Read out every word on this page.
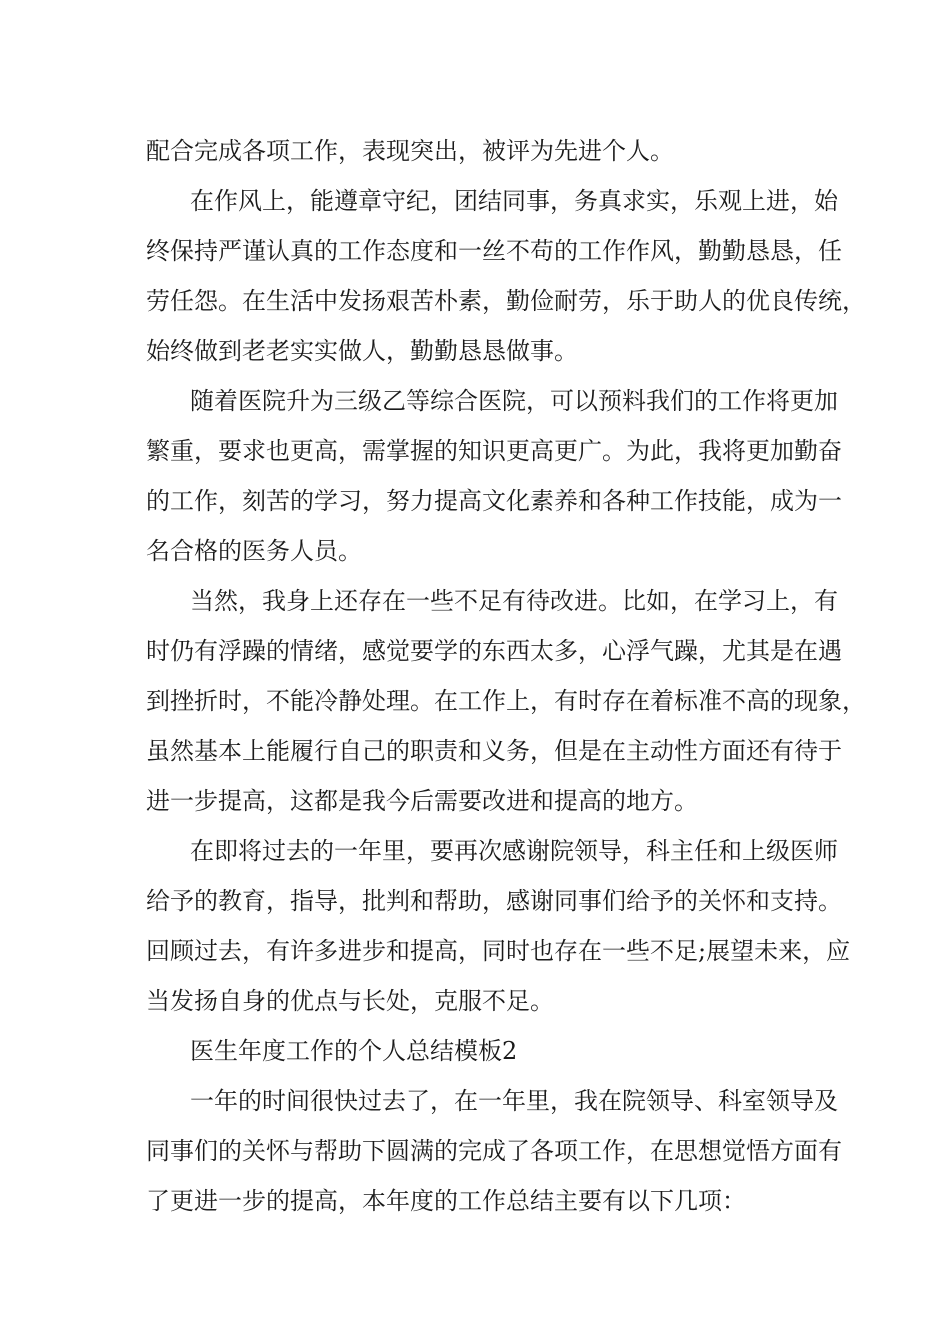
配合完成各项工作，表现突出，被评为先进个人。
在作风上，能遵章守纪，团结同事，务真求实，乐观上进，始
终保持严谨认真的工作态度和一丝不苟的工作作风，勤勤恳恳，任
劳任怨。在生活中发扬艰苦朴素，勤俭耐劳，乐于助人的优良传统，
始终做到老老实实做人，勤勤恳恳做事。
随着医院升为三级乙等综合医院，可以预料我们的工作将更加
繁重，要求也更高，需掌握的知识更高更广。为此，我将更加勤奋
的工作，刻苦的学习，努力提高文化素养和各种工作技能，成为一
名合格的医务人员。
当然，我身上还存在一些不足有待改进。比如，在学习上，有
时仍有浮躁的情绪，感觉要学的东西太多，心浮气躁，尤其是在遇
到挫折时，不能冷静处理。在工作上，有时存在着标准不高的现象，
虽然基本上能履行自己的职责和义务，但是在主动性方面还有待于
进一步提高，这都是我今后需要改进和提高的地方。
在即将过去的一年里，要再次感谢院领导，科主任和上级医师
给予的教育，指导，批判和帮助，感谢同事们给予的关怀和支持。
回顾过去，有许多进步和提高，同时也存在一些不足;展望未来，应
当发扬自身的优点与长处，克服不足。
医生年度工作的个人总结模板2
一年的时间很快过去了，在一年里，我在院领导、科室领导及
同事们的关怀与帮助下圆满的完成了各项工作，在思想觉悟方面有
了更进一步的提高，本年度的工作总结主要有以下几项：
